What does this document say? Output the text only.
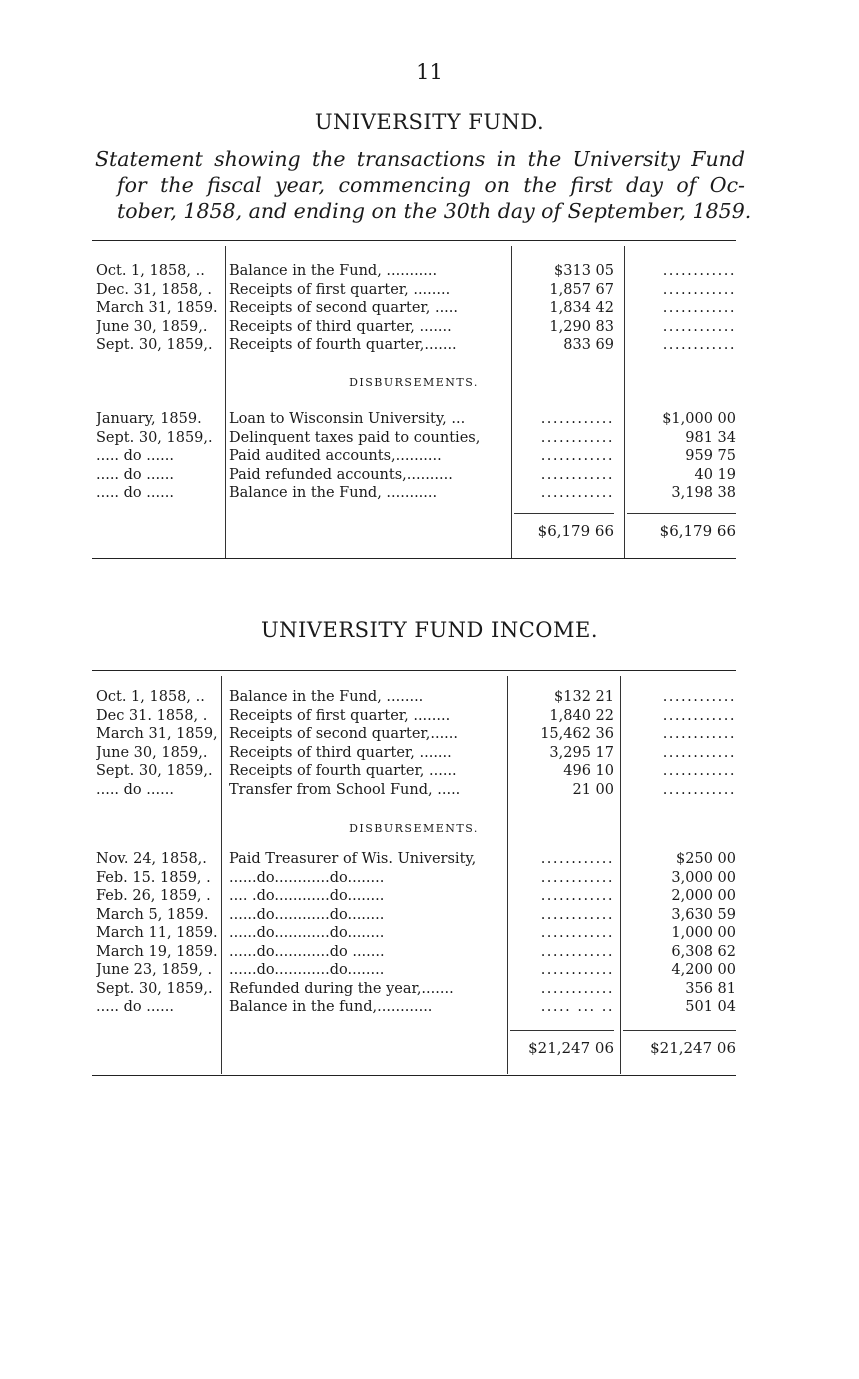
11
UNIVERSITY FUND.
Statement showing the transactions in the University Fund
for the fiscal year, commencing on the first day of Oc-
tober, 1858, and ending on the 30th day of September, 1859.
Oct. 1, 1858, ..	Balance in the Fund, ...........	$313 05	............
Dec. 31, 1858, .	Receipts of first quarter, ........	1,857 67	............
March 31, 1859. Receipts of second quarter, .....	1,834 42	............
June 30, 1859,.	Receipts of third quarter, .......	1,290 83	............
Sept. 30, 1859,.	Receipts of fourth quarter,.......	833 69	............
DISBURSEMENTS.
January, 1859.	Loan to Wisconsin University, ...	............	$1,000 00
Sept. 30, 1859,.	Delinquent taxes paid to counties,	............	981 34
..... do ......	Paid audited accounts,..........	............	959 75
..... do ......	Paid refunded accounts,..........	............	40 19
..... do ......	Balance in the Fund, ...........	............	3,198 38
$6,179 66	$6,179 66
UNIVERSITY FUND INCOME.
Oct. 1, 1858, ..	Balance in the Fund, ........	$132 21	............
Dec 31. 1858, .	Receipts of first quarter, ........	1,840 22	............
March 31, 1859, Receipts of second quarter,......	15,462 36	............
June 30, 1859,.	Receipts of third quarter, .......	3,295 17	............
Sept. 30, 1859,.	Receipts of fourth quarter, ......	496 10	............
..... do ......	Transfer from School Fund, .....	21 00	............
DISBURSEMENTS.
Nov. 24, 1858,.	Paid Treasurer of Wis. University,	............	$250 00
Feb. 15. 1859, .	......do............do........	............	3,000 00
Feb. 26, 1859, .	.... .do............do........	............	2,000 00
March 5, 1859.	......do............do........	............	3,630 59
March 11, 1859. ......do............do........	............	1,000 00
March 19, 1859. ......do............do .......	............	6,308 62
June 23, 1859, .	......do............do........	............	4,200 00
Sept. 30, 1859,.	Refunded during the year,.......	............	356 81
..... do ......	Balance in the fund,............	..... ... ..	501 04
$21,247 06	$21,247 06
